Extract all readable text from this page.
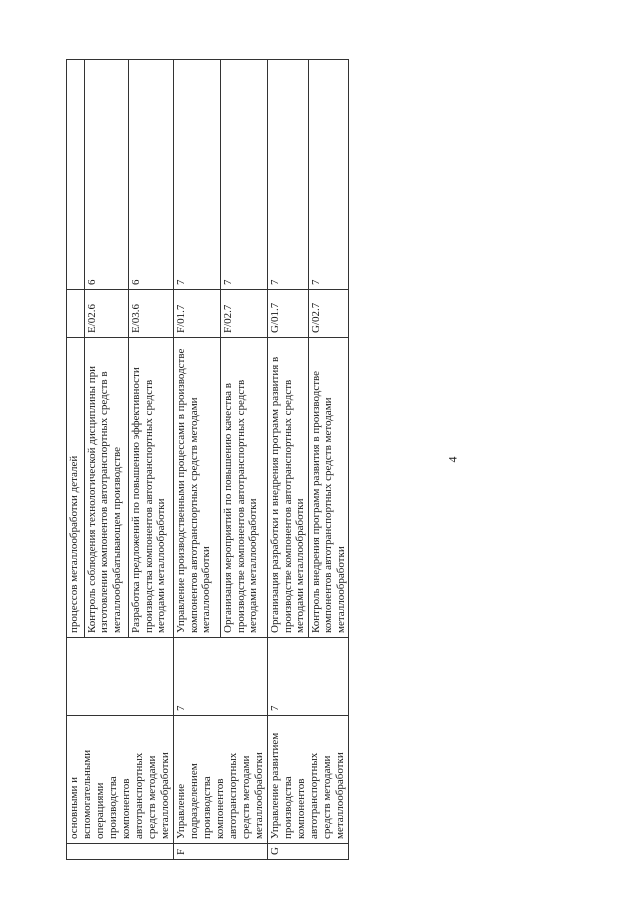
4
	основными и вспомогательными операциями производства компонентов автотранспортных средств методами металлообработки		процессов металлообработки деталей		
			Контроль соблюдения технологической дисциплины при изготовлении компонентов автотранспортных средств в металлообрабатывающем производстве	E/02.6	6
			Разработка предложений по повышению эффективности производства компонентов автотранспортных средств методами металлообработки	E/03.6	6
F	Управление подразделением производства компонентов автотранспортных средств методами металлообработки	7	Управление производственными процессами в производстве компонентов автотранспортных средств методами металлообработки	F/01.7	7
			Организация мероприятий по повышению качества в производстве компонентов автотранспортных средств методами металлообработки	F/02.7	7
G	Управление развитием производства компонентов автотранспортных средств методами металлообработки	7	Организация разработки и внедрения программ развития в производстве компонентов автотранспортных средств методами металлообработки	G/01.7	7
			Контроль внедрения программ развития в производстве компонентов автотранспортных средств методами металлообработки	G/02.7	7
